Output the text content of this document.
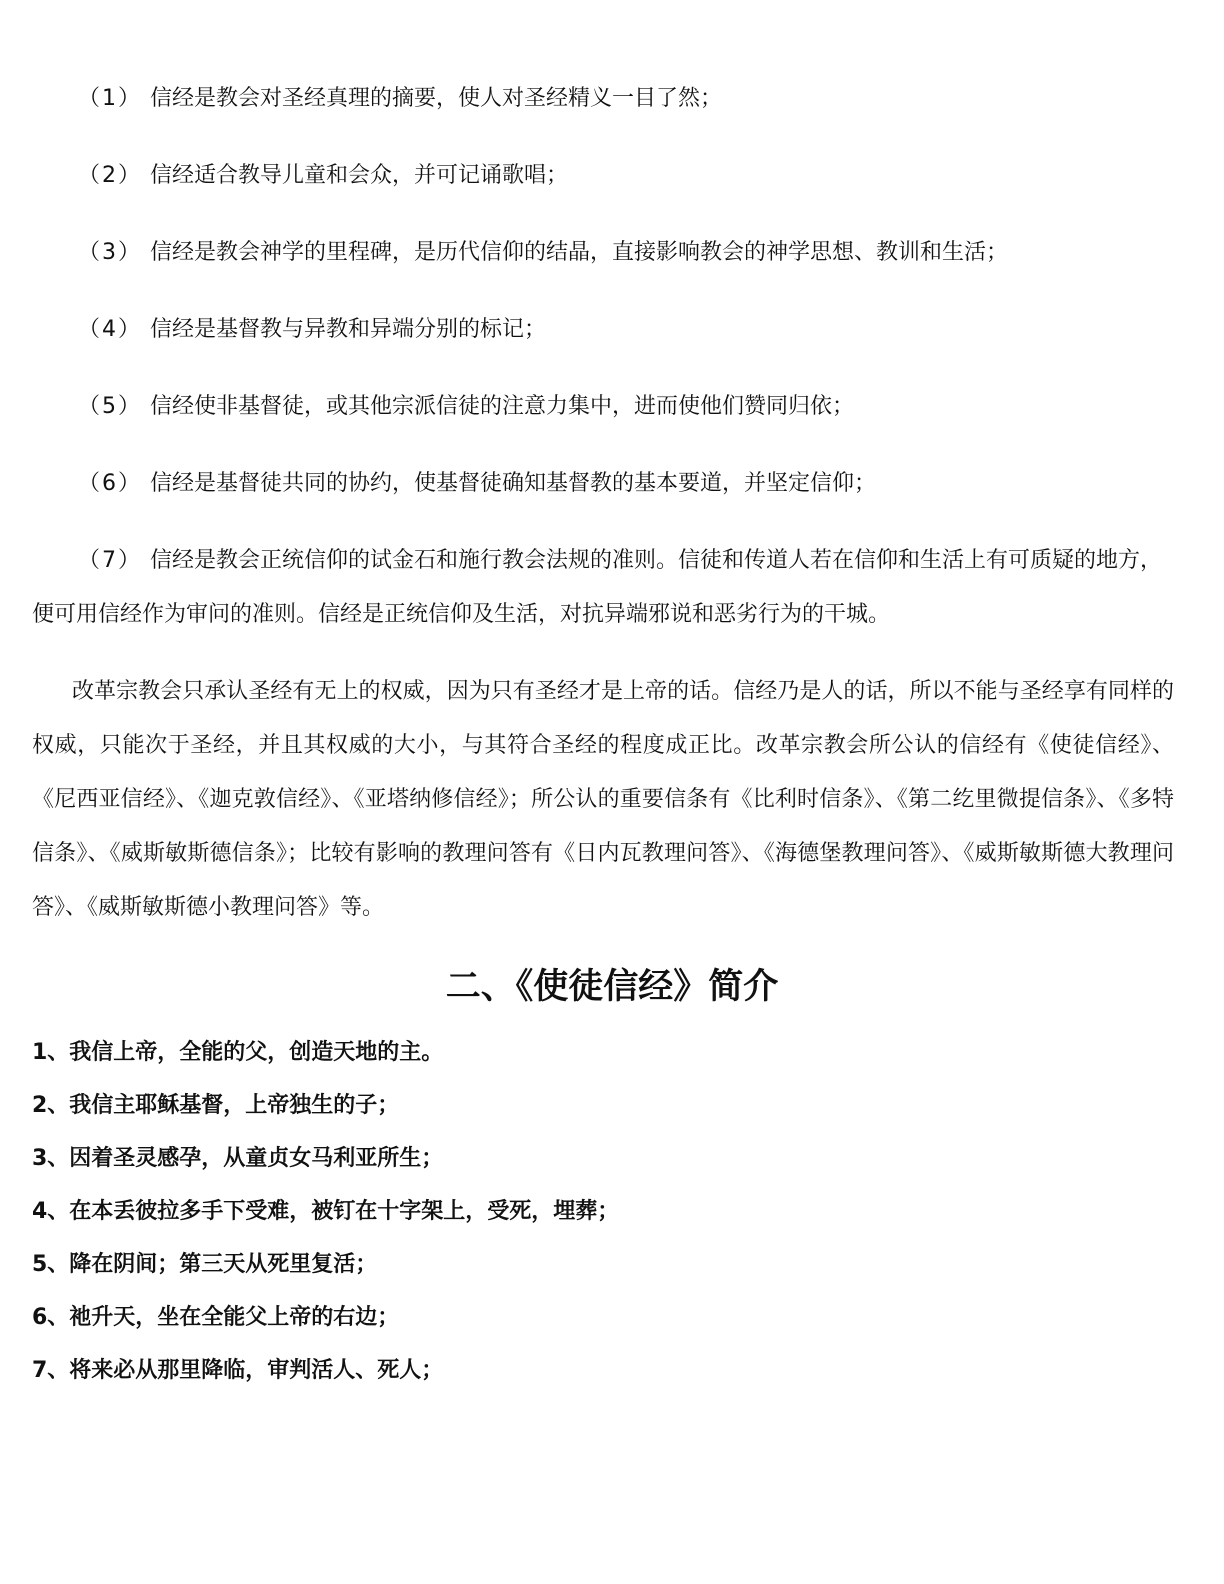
（1） 信经是教会对圣经真理的摘要，使人对圣经精义一目了然；
（2） 信经适合教导儿童和会众，并可记诵歌唱；
（3） 信经是教会神学的里程碑，是历代信仰的结晶，直接影响教会的神学思想、教训和生活；
（4） 信经是基督教与异教和异端分别的标记；
（5） 信经使非基督徒，或其他宗派信徒的注意力集中，进而使他们赞同归依；
（6） 信经是基督徒共同的协约，使基督徒确知基督教的基本要道，并坚定信仰；
（7） 信经是教会正统信仰的试金石和施行教会法规的准则。信徒和传道人若在信仰和生活上有可质疑的地方，便可用信经作为审问的准则。信经是正统信仰及生活，对抗异端邪说和恶劣行为的干城。

改革宗教会只承认圣经有无上的权威，因为只有圣经才是上帝的话。信经乃是人的话，所以不能与圣经享有同样的权威，只能次于圣经，并且其权威的大小，与其符合圣经的程度成正比。改革宗教会所公认的信经有《使徒信经》、《尼西亚信经》、《迦克敦信经》、《亚塔纳修信经》；所公认的重要信条有《比利时信条》、《第二纥里微提信条》、《多特信条》、《威斯敏斯德信条》；比较有影响的教理问答有《日内瓦教理问答》、《海德堡教理问答》、《威斯敏斯德大教理问答》、《威斯敏斯德小教理问答》等。

二、《使徒信经》简介

1、我信上帝，全能的父，创造天地的主。

2、我信主耶稣基督，上帝独生的子；

3、因着圣灵感孕，从童贞女马利亚所生；

4、在本丢彼拉多手下受难，被钉在十字架上，受死，埋葬；

5、降在阴间；第三天从死里复活；

6、祂升天，坐在全能父上帝的右边；

7、将来必从那里降临，审判活人、死人；
